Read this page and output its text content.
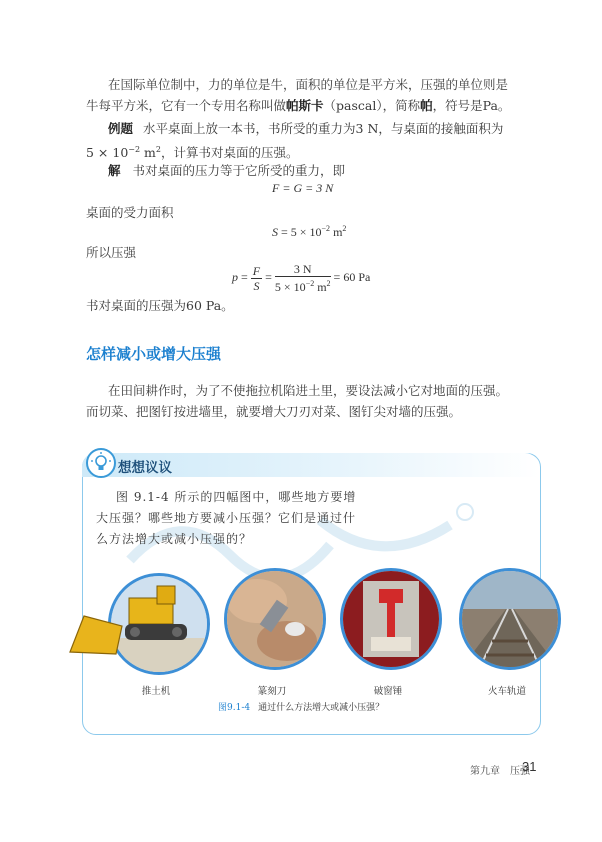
在国际单位制中，力的单位是牛，面积的单位是平方米，压强的单位则是
牛每平方米，它有一个专用名称叫做帕斯卡（pascal），简称帕，符号是Pa。
例题 水平桌面上放一本书，书所受的重力为3 N，与桌面的接触面积为
$5 \times 10^{-2}$ $m^2$，计算书对桌面的压强。
解 书对桌面的压力等于它所受的重力，即
F = G = 3 N
桌面的受力面积
$S = 5 \times 10^{-2}$ $m^2$
所以压强
$p = \frac{F}{S} = \frac{3 N}{5 \times 10^{-2} m^2} = 60$ Pa
书对桌面的压强为60 Pa。
怎样减小或增大压强
在田间耕作时，为了不使拖拉机陷进土里，要设法减小它对地面的压强。
而切菜、把图钉按进墙里，就要增大刀刃对菜、图钉尖对墙的压强。
想想议议
图 9.1-4 所示的四幅图中，哪些地方要增
大压强？哪些地方要减小压强？它们是通过什
么方法增大或减小压强的？
推土机	篆刻刀	破窗锤	火车轨道
图9.1-4 通过什么方法增大或减小压强？
第九章　压强
31
